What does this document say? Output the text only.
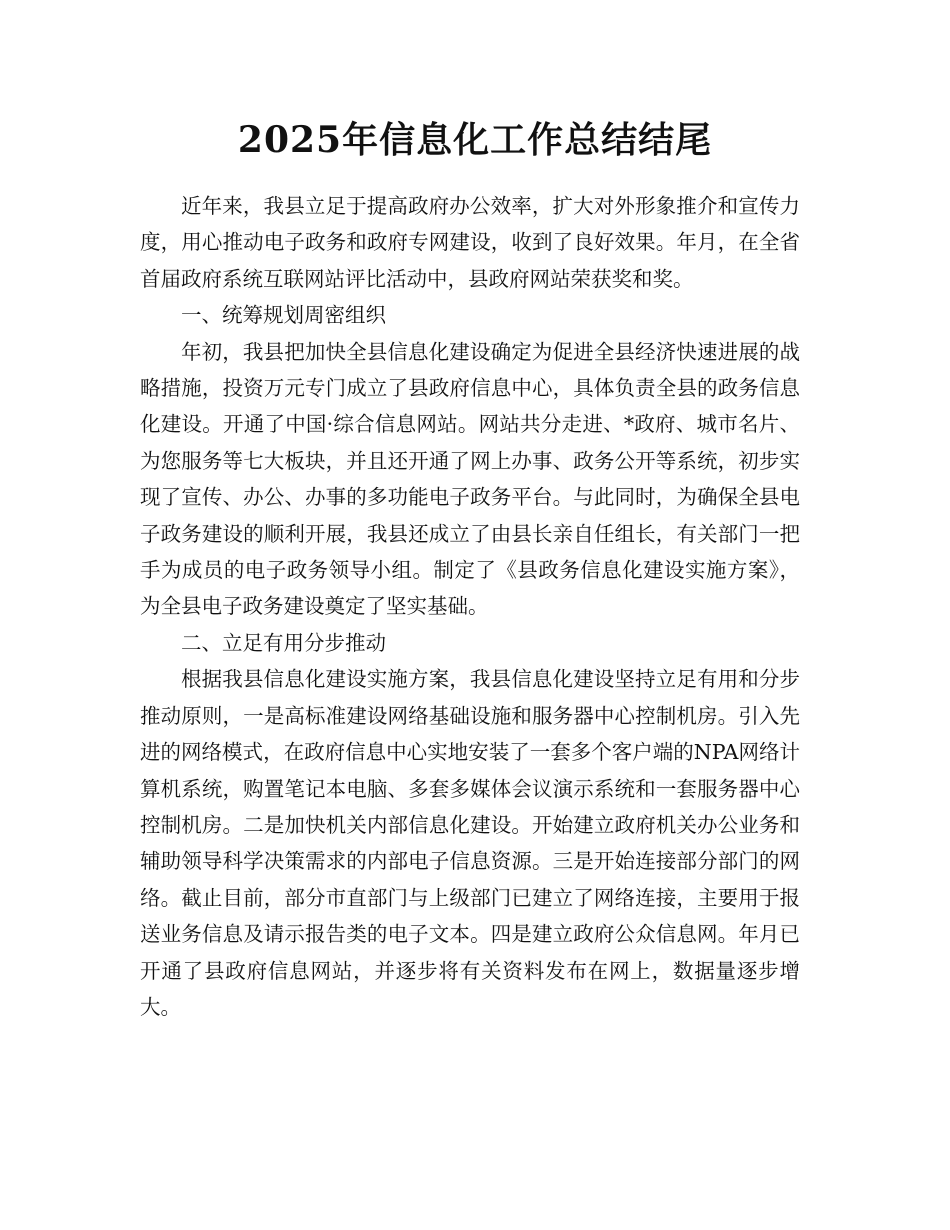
2025年信息化工作总结结尾

近年来，我县立足于提高政府办公效率，扩大对外形象推介和宣传力度，用心推动电子政务和政府专网建设，收到了良好效果。年月，在全省首届政府系统互联网站评比活动中，县政府网站荣获奖和奖。

一、统筹规划周密组织

年初，我县把加快全县信息化建设确定为促进全县经济快速进展的战略措施，投资万元专门成立了县政府信息中心，具体负责全县的政务信息化建设。开通了中国·综合信息网站。网站共分走进、*政府、城市名片、为您服务等七大板块，并且还开通了网上办事、政务公开等系统，初步实现了宣传、办公、办事的多功能电子政务平台。与此同时，为确保全县电子政务建设的顺利开展，我县还成立了由县长亲自任组长，有关部门一把手为成员的电子政务领导小组。制定了《县政务信息化建设实施方案》，为全县电子政务建设奠定了坚实基础。

二、立足有用分步推动

根据我县信息化建设实施方案，我县信息化建设坚持立足有用和分步推动原则，一是高标准建设网络基础设施和服务器中心控制机房。引入先进的网络模式，在政府信息中心实地安装了一套多个客户端的NPA网络计算机系统，购置笔记本电脑、多套多媒体会议演示系统和一套服务器中心控制机房。二是加快机关内部信息化建设。开始建立政府机关办公业务和辅助领导科学决策需求的内部电子信息资源。三是开始连接部分部门的网络。截止目前，部分市直部门与上级部门已建立了网络连接，主要用于报送业务信息及请示报告类的电子文本。四是建立政府公众信息网。年月已开通了县政府信息网站，并逐步将有关资料发布在网上，数据量逐步增大。
